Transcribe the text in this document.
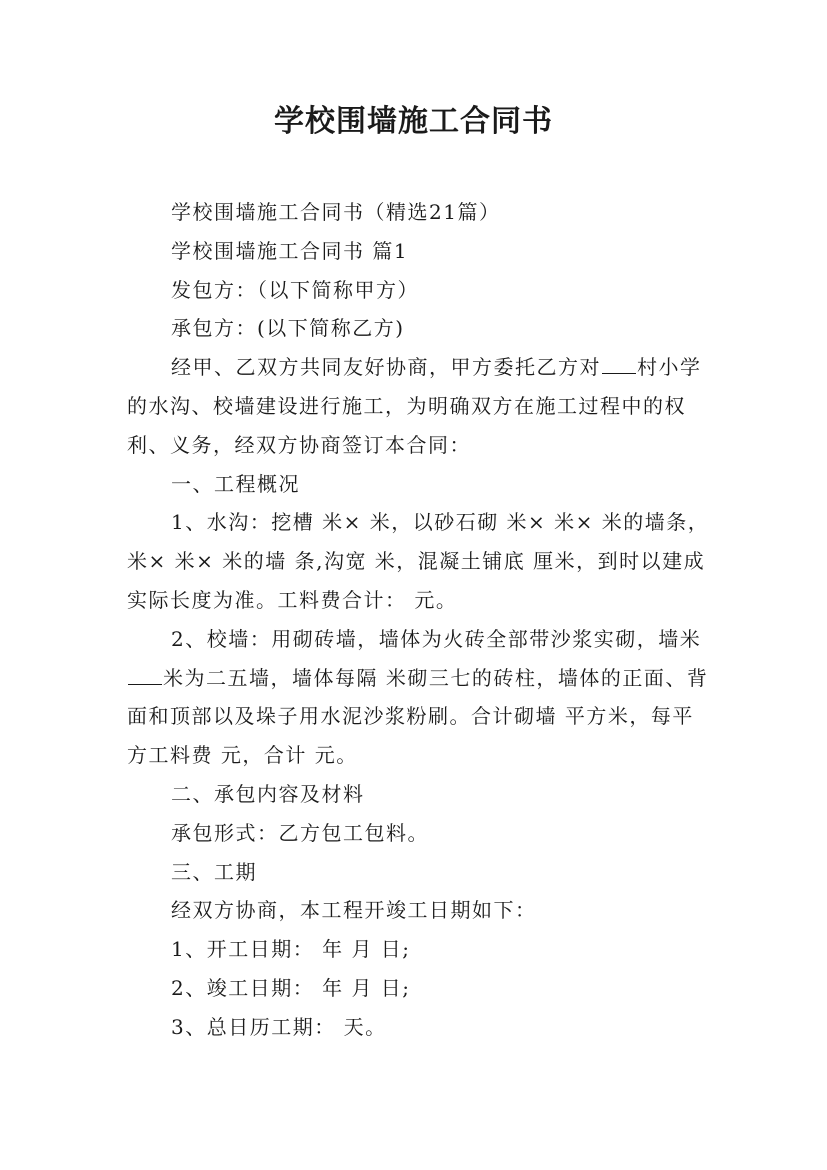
学校围墙施工合同书

学校围墙施工合同书（精选21篇）

学校围墙施工合同书 篇1

发包方：（以下简称甲方）

承包方：(以下简称乙方)

经甲、乙双方共同友好协商，甲方委托乙方对 村小学的水沟、校墙建设进行施工，为明确双方在施工过程中的权利、义务，经双方协商签订本合同：

一、工程概况

1、水沟：挖槽 米× 米，以砂石砌 米× 米× 米的墙条，米× 米× 米的墙 条,沟宽 米，混凝土铺底 厘米，到时以建成实际长度为准。工料费合计： 元。

2、校墙：用砌砖墙，墙体为火砖全部带沙浆实砌，墙米米为二五墙，墙体每隔 米砌三七的砖柱，墙体的正面、背面和顶部以及垛子用水泥沙浆粉刷。合计砌墙 平方米，每平方工料费 元，合计 元。

二、承包内容及材料

承包形式：乙方包工包料。

三、工期

经双方协商，本工程开竣工日期如下：

1、开工日期： 年 月 日;

2、竣工日期： 年 月 日;

3、总日历工期： 天。
